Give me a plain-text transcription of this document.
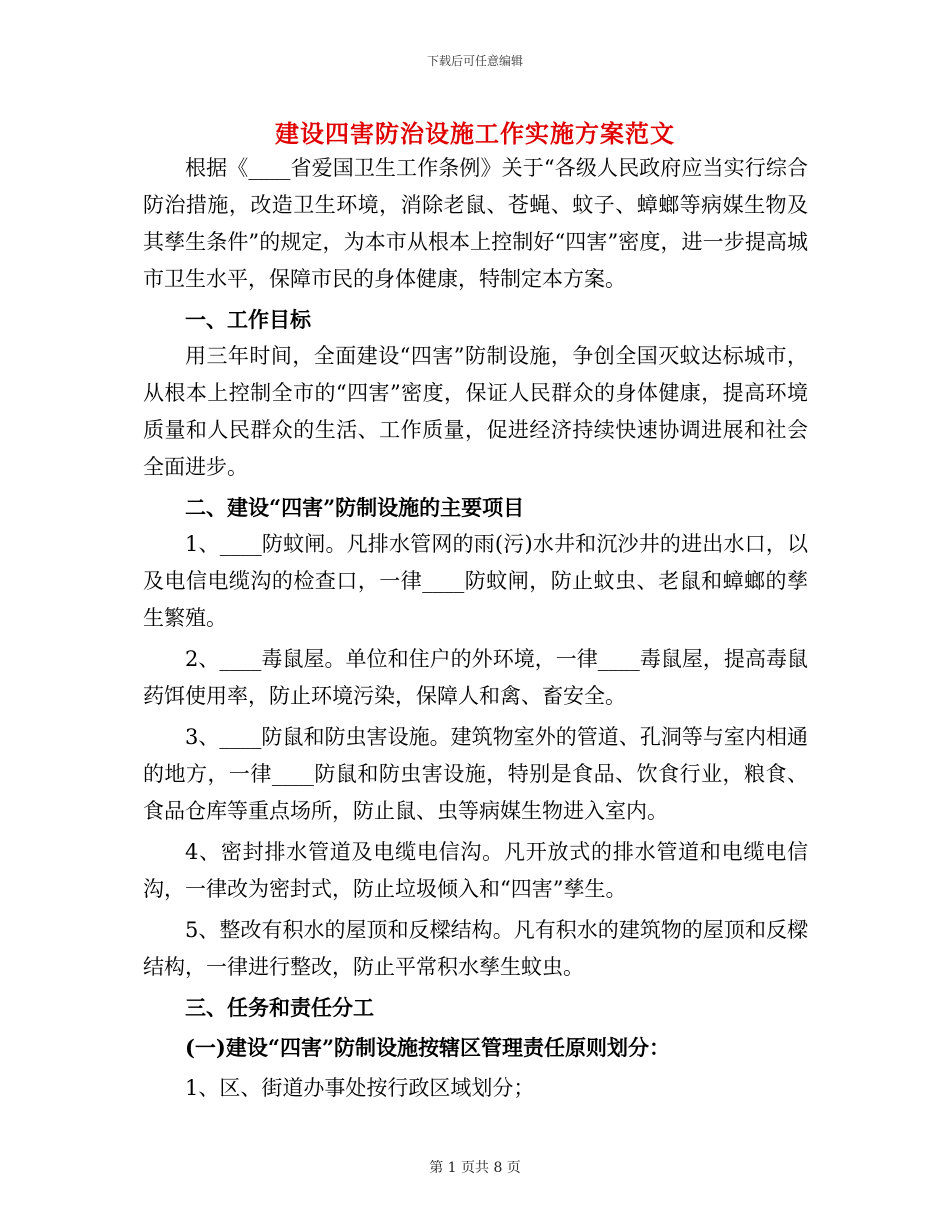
下载后可任意编辑
建设四害防治设施工作实施方案范文

根据《____省爱国卫生工作条例》关于“各级人民政府应当实行综合防治措施，改造卫生环境，消除老鼠、苍蝇、蚊子、蟑螂等病媒生物及其孳生条件”的规定，为本市从根本上控制好“四害”密度，进一步提高城市卫生水平，保障市民的身体健康，特制定本方案。

一、工作目标

用三年时间，全面建设“四害”防制设施，争创全国灭蚊达标城市，从根本上控制全市的“四害”密度，保证人民群众的身体健康，提高环境质量和人民群众的生活、工作质量，促进经济持续快速协调进展和社会全面进步。

二、建设“四害”防制设施的主要项目

1、____防蚊闸。凡排水管网的雨(污)水井和沉沙井的进出水口，以及电信电缆沟的检查口，一律____防蚊闸，防止蚊虫、老鼠和蟑螂的孳生繁殖。

2、____毒鼠屋。单位和住户的外环境，一律____毒鼠屋，提高毒鼠药饵使用率，防止环境污染，保障人和禽、畜安全。

3、____防鼠和防虫害设施。建筑物室外的管道、孔洞等与室内相通的地方，一律____防鼠和防虫害设施，特别是食品、饮食行业，粮食、食品仓库等重点场所，防止鼠、虫等病媒生物进入室内。

4、密封排水管道及电缆电信沟。凡开放式的排水管道和电缆电信沟，一律改为密封式，防止垃圾倾入和“四害”孳生。

5、整改有积水的屋顶和反樑结构。凡有积水的建筑物的屋顶和反樑结构，一律进行整改，防止平常积水孳生蚊虫。

三、任务和责任分工

(一)建设“四害”防制设施按辖区管理责任原则划分：

1、区、街道办事处按行政区域划分；

第 1 页共 8 页
